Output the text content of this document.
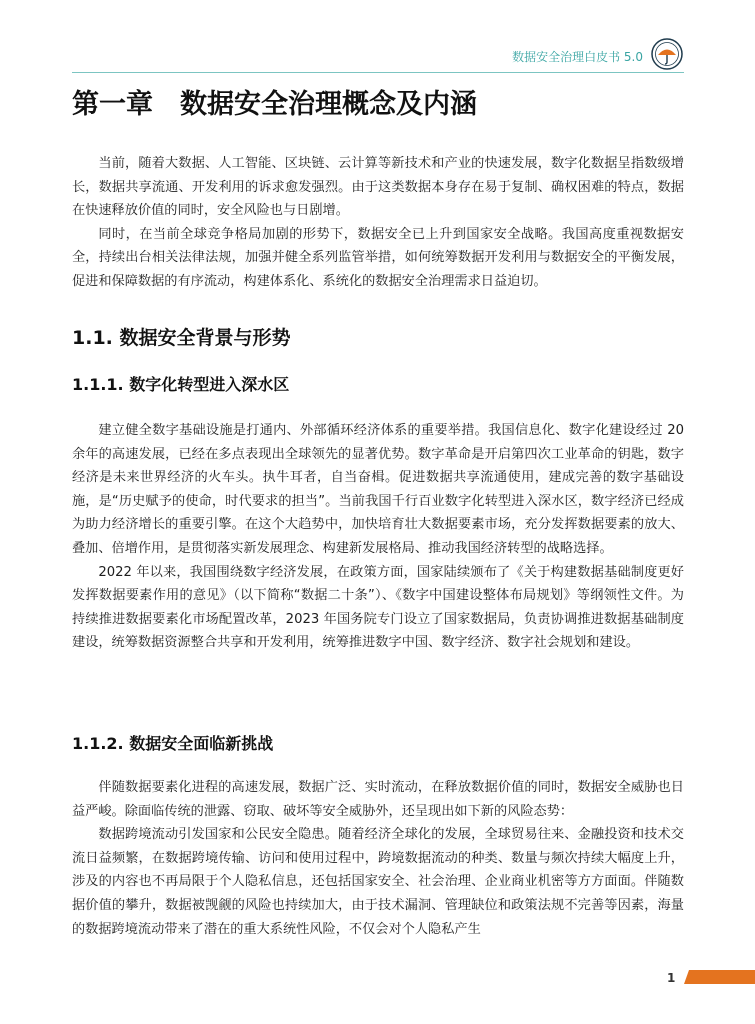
数据安全治理白皮书 5.0
第一章　数据安全治理概念及内涵

当前，随着大数据、人工智能、区块链、云计算等新技术和产业的快速发展，数字化数据呈指数级增长，数据共享流通、开发利用的诉求愈发强烈。由于这类数据本身存在易于复制、确权困难的特点，数据在快速释放价值的同时，安全风险也与日剧增。

同时，在当前全球竞争格局加剧的形势下，数据安全已上升到国家安全战略。我国高度重视数据安全，持续出台相关法律法规，加强并健全系列监管举措，如何统筹数据开发利用与数据安全的平衡发展，促进和保障数据的有序流动，构建体系化、系统化的数据安全治理需求日益迫切。

1.1. 数据安全背景与形势
1.1.1. 数字化转型进入深水区

建立健全数字基础设施是打通内、外部循环经济体系的重要举措。我国信息化、数字化建设经过 20 余年的高速发展，已经在多点表现出全球领先的显著优势。数字革命是开启第四次工业革命的钥匙，数字经济是未来世界经济的火车头。执牛耳者，自当奋楫。促进数据共享流通使用，建成完善的数字基础设施，是“历史赋予的使命，时代要求的担当”。当前我国千行百业数字化转型进入深水区，数字经济已经成为助力经济增长的重要引擎。在这个大趋势中，加快培育壮大数据要素市场，充分发挥数据要素的放大、叠加、倍增作用，是贯彻落实新发展理念、构建新发展格局、推动我国经济转型的战略选择。

2022 年以来，我国围绕数字经济发展，在政策方面，国家陆续颁布了《关于构建数据基础制度更好发挥数据要素作用的意见》（以下简称“数据二十条”）、《数字中国建设整体布局规划》等纲领性文件。为持续推进数据要素化市场配置改革，2023 年国务院专门设立了国家数据局，负责协调推进数据基础制度建设，统筹数据资源整合共享和开发利用，统筹推进数字中国、数字经济、数字社会规划和建设。

1.1.2. 数据安全面临新挑战

伴随数据要素化进程的高速发展，数据广泛、实时流动，在释放数据价值的同时，数据安全威胁也日益严峻。除面临传统的泄露、窃取、破坏等安全威胁外，还呈现出如下新的风险态势：

数据跨境流动引发国家和公民安全隐患。随着经济全球化的发展，全球贸易往来、金融投资和技术交流日益频繁，在数据跨境传输、访问和使用过程中，跨境数据流动的种类、数量与频次持续大幅度上升，涉及的内容也不再局限于个人隐私信息，还包括国家安全、社会治理、企业商业机密等方方面面。伴随数据价值的攀升，数据被觊觎的风险也持续加大，由于技术漏洞、管理缺位和政策法规不完善等因素，海量的数据跨境流动带来了潜在的重大系统性风险，不仅会对个人隐私产生

1
